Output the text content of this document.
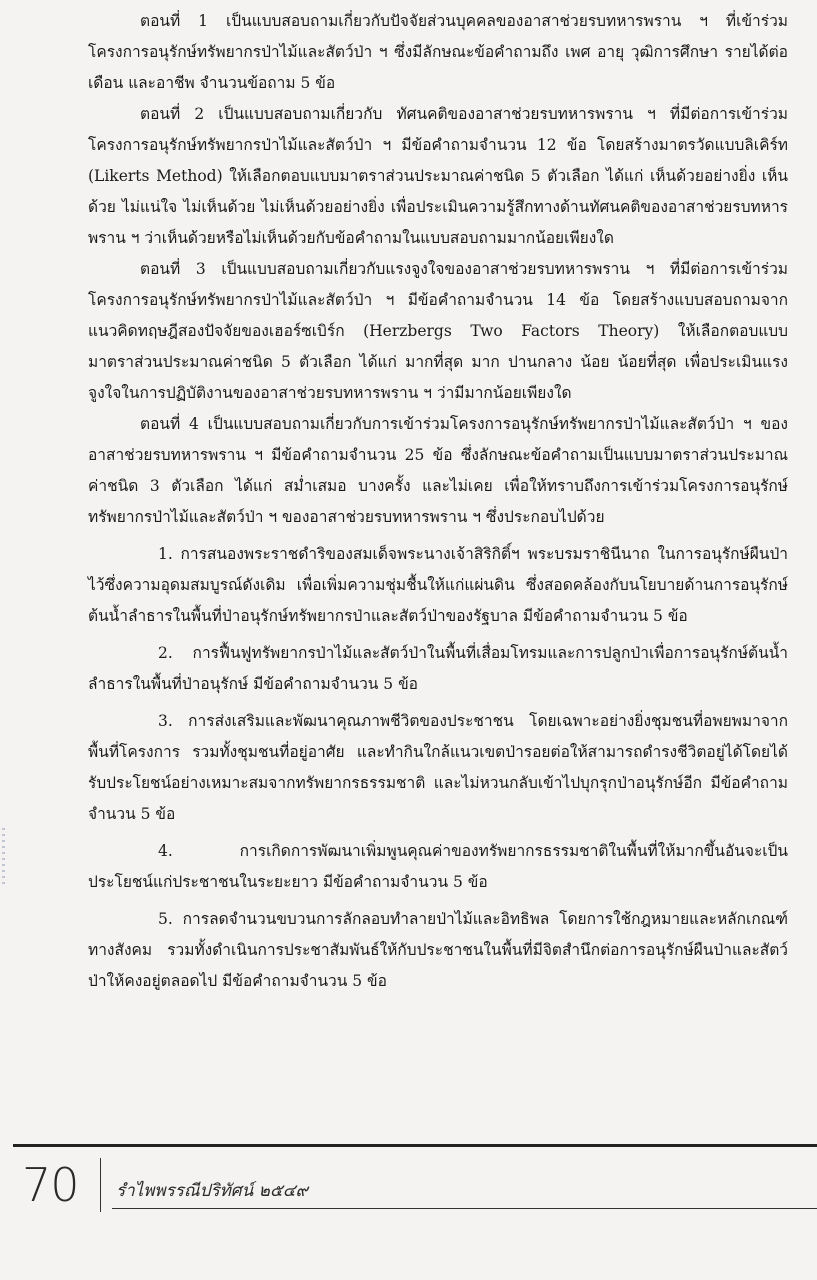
ตอนที่ 1 เป็นแบบสอบถามเกี่ยวกับปัจจัยส่วนบุคคลของอาสาช่วยรบทหารพราน ฯ ที่เข้าร่วมโครงการอนุรักษ์ทรัพยากรป่าไม้และสัตว์ป่า ฯ ซึ่งมีลักษณะข้อคำถามถึง เพศ อายุ วุฒิการศึกษา รายได้ต่อเดือน และอาชีพ จำนวนข้อถาม 5 ข้อ

ตอนที่ 2 เป็นแบบสอบถามเกี่ยวกับ ทัศนคติของอาสาช่วยรบทหารพราน ฯ ที่มีต่อการเข้าร่วมโครงการอนุรักษ์ทรัพยากรป่าไม้และสัตว์ป่า ฯ มีข้อคำถามจำนวน 12 ข้อ โดยสร้างมาตรวัดแบบลิเคิร์ท (Likerts Method) ให้เลือกตอบแบบมาตราส่วนประมาณค่าชนิด 5 ตัวเลือก ได้แก่ เห็นด้วยอย่างยิ่ง เห็นด้วย ไม่แน่ใจ ไม่เห็นด้วย ไม่เห็นด้วยอย่างยิ่ง เพื่อประเมินความรู้สึกทางด้านทัศนคติของอาสาช่วยรบทหารพราน ฯ ว่าเห็นด้วยหรือไม่เห็นด้วยกับข้อคำถามในแบบสอบถามมากน้อยเพียงใด

ตอนที่ 3 เป็นแบบสอบถามเกี่ยวกับแรงจูงใจของอาสาช่วยรบทหารพราน ฯ ที่มีต่อการเข้าร่วมโครงการอนุรักษ์ทรัพยากรป่าไม้และสัตว์ป่า ฯ มีข้อคำถามจำนวน 14 ข้อ โดยสร้างแบบสอบถามจากแนวคิดทฤษฎีสองปัจจัยของเฮอร์ซเบิร์ก (Herzbergs Two Factors Theory) ให้เลือกตอบแบบมาตราส่วนประมาณค่าชนิด 5 ตัวเลือก ได้แก่ มากที่สุด มาก ปานกลาง น้อย น้อยที่สุด เพื่อประเมินแรงจูงใจในการปฏิบัติงานของอาสาช่วยรบทหารพราน ฯ ว่ามีมากน้อยเพียงใด

ตอนที่ 4 เป็นแบบสอบถามเกี่ยวกับการเข้าร่วมโครงการอนุรักษ์ทรัพยากรป่าไม้และสัตว์ป่า ฯ ของอาสาช่วยรบทหารพราน ฯ มีข้อคำถามจำนวน 25 ข้อ ซึ่งลักษณะข้อคำถามเป็นแบบมาตราส่วนประมาณค่าชนิด 3 ตัวเลือก ได้แก่ สม่ำเสมอ บางครั้ง และไม่เคย เพื่อให้ทราบถึงการเข้าร่วมโครงการอนุรักษ์ทรัพยากรป่าไม้และสัตว์ป่า ฯ ของอาสาช่วยรบทหารพราน ฯ ซึ่งประกอบไปด้วย

1. การสนองพระราชดำริของสมเด็จพระนางเจ้าสิริกิติ์ฯ พระบรมราชินีนาถ ในการอนุรักษ์ผืนป่าไว้ซึ่งความอุดมสมบูรณ์ดังเดิม เพื่อเพิ่มความชุ่มชื้นให้แก่แผ่นดิน ซึ่งสอดคล้องกับนโยบายด้านการอนุรักษ์ต้นน้ำลำธารในพื้นที่ป่าอนุรักษ์ทรัพยากรป่าและสัตว์ป่าของรัฐบาล มีข้อคำถามจำนวน 5 ข้อ

2. การฟื้นฟูทรัพยากรป่าไม้และสัตว์ป่าในพื้นที่เสื่อมโทรมและการปลูกป่าเพื่อการอนุรักษ์ต้นน้ำลำธารในพื้นที่ป่าอนุรักษ์ มีข้อคำถามจำนวน 5 ข้อ

3. การส่งเสริมและพัฒนาคุณภาพชีวิตของประชาชน โดยเฉพาะอย่างยิ่งชุมชนที่อพยพมาจากพื้นที่โครงการ รวมทั้งชุมชนที่อยู่อาศัย และทำกินใกล้แนวเขตป่ารอยต่อให้สามารถดำรงชีวิตอยู่ได้โดยได้รับประโยชน์อย่างเหมาะสมจากทรัพยากรธรรมชาติ และไม่หวนกลับเข้าไปบุกรุกป่าอนุรักษ์อีก มีข้อคำถามจำนวน 5 ข้อ

4. การเกิดการพัฒนาเพิ่มพูนคุณค่าของทรัพยากรธรรมชาติในพื้นที่ให้มากขึ้นอันจะเป็นประโยชน์แก่ประชาชนในระยะยาว มีข้อคำถามจำนวน 5 ข้อ

5. การลดจำนวนขบวนการลักลอบทำลายป่าไม้และอิทธิพล โดยการใช้กฎหมายและหลักเกณฑ์ทางสังคม รวมทั้งดำเนินการประชาสัมพันธ์ให้กับประชาชนในพื้นที่มีจิตสำนึกต่อการอนุรักษ์ผืนป่าและสัตว์ป่าให้คงอยู่ตลอดไป มีข้อคำถามจำนวน 5 ข้อ

70 รำไพพรรณีปริทัศน์ ๒๕๔๙
